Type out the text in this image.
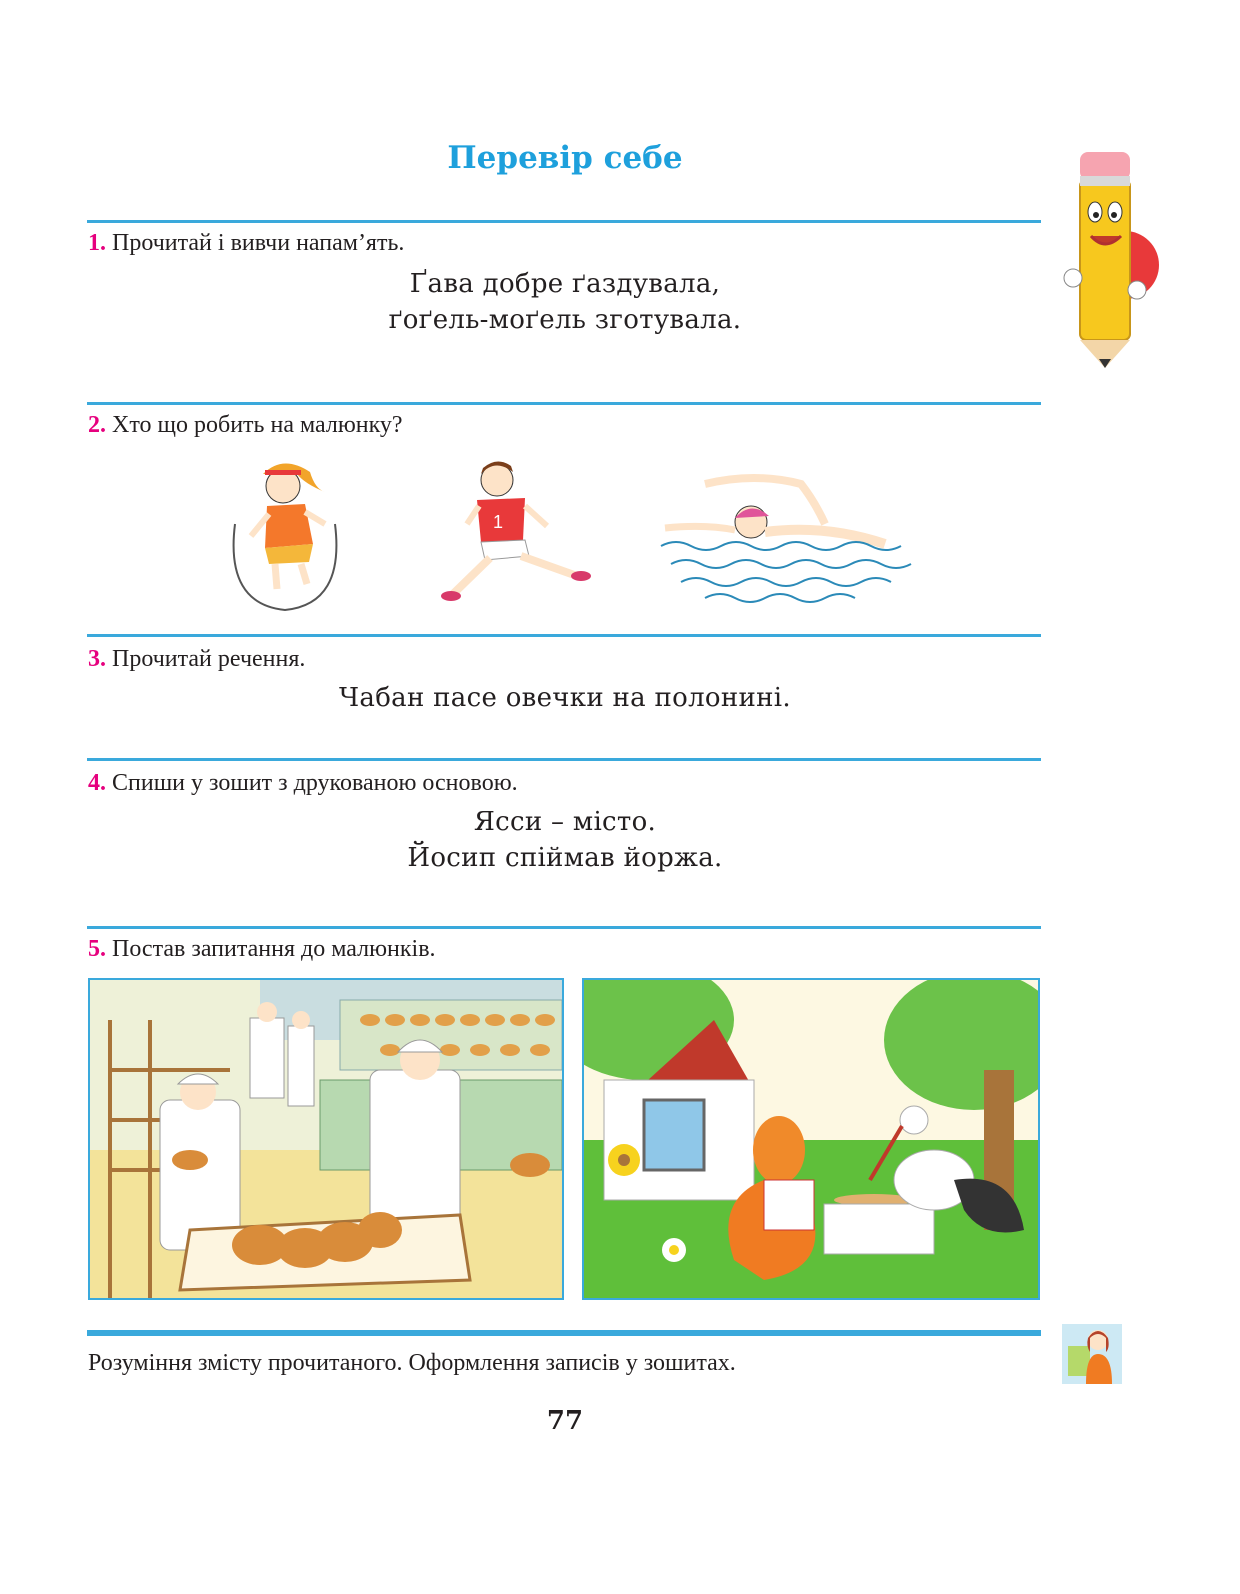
Перевір себе
1. Прочитай і вивчи напам’ять.
Ґава добре ґаздувала,
ґоґель-моґель зготувала.
2. Хто що робить на малюнку?
1
3. Прочитай речення.
Чабан пасе овечки на полонині.
4. Спиши у зошит з друкованою основою.
Ясси – місто.
Йосип спіймав йоржа.
5. Постав запитання до малюнків.
Розуміння змісту прочитаного. Оформлення записів у зошитах.
77
